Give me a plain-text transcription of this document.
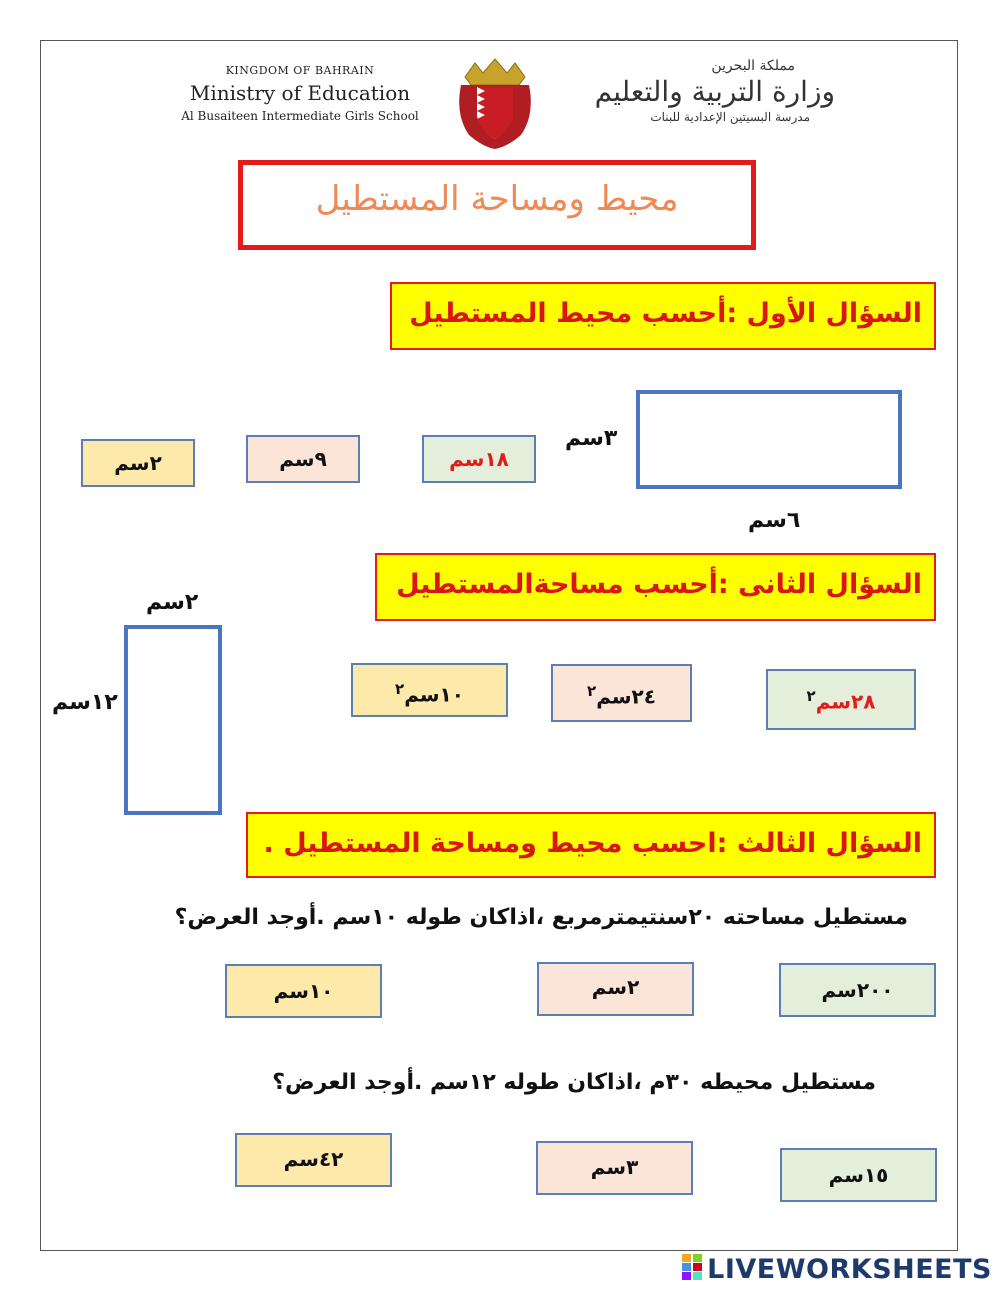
KINGDOM OF BAHRAIN
Ministry of Education
Al Busaiteen Intermediate Girls School
مملكة البحرين
وزارة التربية والتعليم
مدرسة البسيتين الإعدادية للبنات
محيط ومساحة المستطيل
السؤال الأول :أحسب محيط المستطيل
٣سم
٦سم
١٨سم
٩سم
٢سم
السؤال الثانى :أحسب مساحةالمستطيل
٢سم
١٢سم	٢٨سم$^٢$
٢٤سم$^٢$
١٠سم$^٢$
السؤال الثالث :احسب محيط ومساحة المستطيل .
مستطيل مساحته ٢٠سنتيمترمربع ،اذاكان طوله ١٠سم .أوجد العرض؟
٢٠٠سم
٢سم
١٠سم
مستطيل محيطه ٣٠م ،اذاكان طوله ١٢سم .أوجد العرض؟
١٥سم
٣سم
٤٢سم
LIVEWORKSHEETS
